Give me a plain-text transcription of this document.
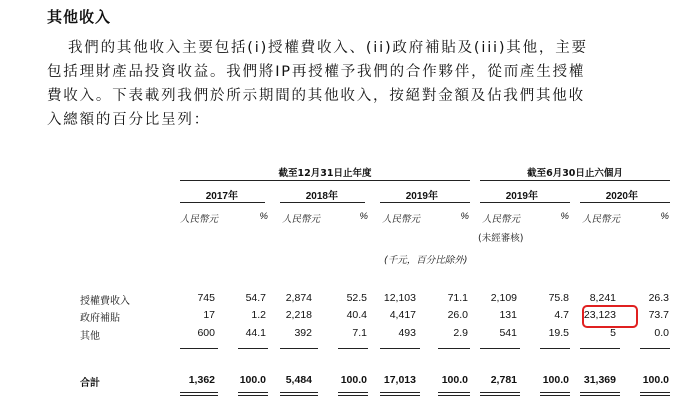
其他收入
我們的其他收入主要包括(i)授權費收入、(ii)政府補貼及(iii)其他，主要
包括理財產品投資收益。我們將IP再授權予我們的合作夥伴，從而產生授權
費收入。下表載列我們於所示期間的其他收入，按絕對金額及佔我們其他收
入總額的百分比呈列：
截至12月31日止年度	截至6月30日止六個月
2017年	2018年	2019年	2019年	2020年
人民幣元	% 人民幣元	% 人民幣元	% 人民幣元	% 人民幣元	%
(未經審核)
(千元，百分比除外)
授權費收入	745	54.7	2,874	52.5	12,103	71.1	2,109	75.8	8,241	26.3
政府補貼	17	1.2	2,218	40.4	4,417	26.0	131	4.7	23,123	73.7
其他	600	44.1	392	7.1	493	2.9	541	19.5	5	0.0
合計	1,362	100.0	5,484	100.0	17,013	100.0	2,781	100.0	31,369	100.0
